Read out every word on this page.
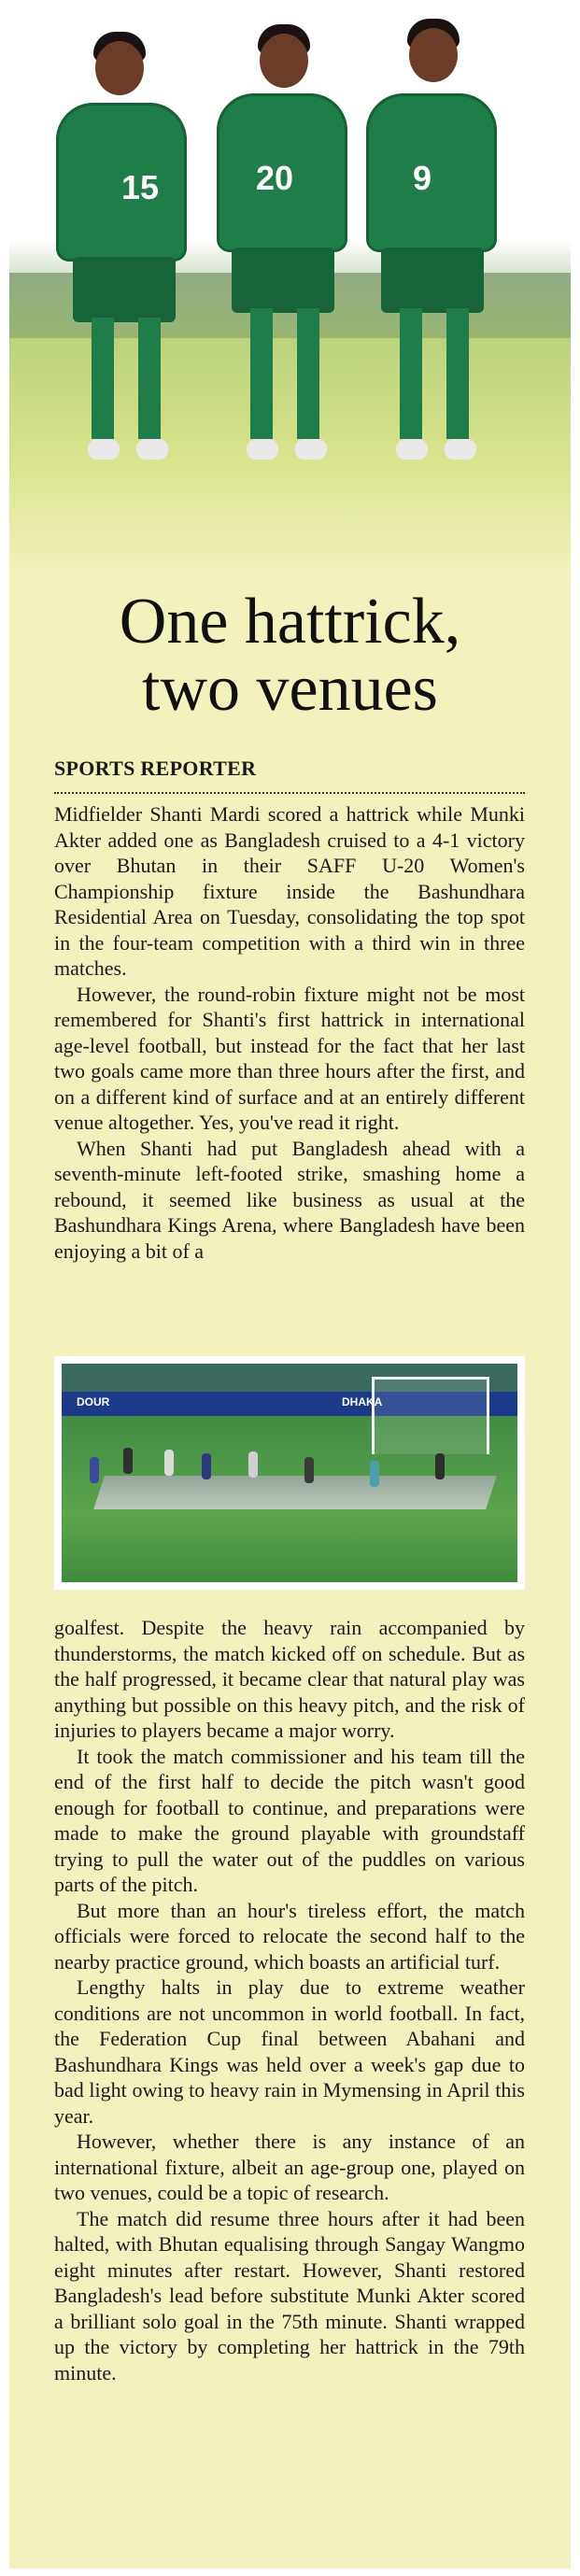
15	20	9
One hattrick,
two venues
SPORTS REPORTER

Midfielder Shanti Mardi scored a hattrick while Munki Akter added one as Bangladesh cruised to a 4-1 victory over Bhutan in their SAFF U-20 Women's Championship fixture inside the Bashundhara Residential Area on Tuesday, consolidating the top spot in the four-team competition with a third win in three matches.

However, the round-robin fixture might not be most remembered for Shanti's first hattrick in international age-level football, but instead for the fact that her last two goals came more than three hours after the first, and on a different kind of surface and at an entirely different venue altogether. Yes, you've read it right.

When Shanti had put Bangladesh ahead with a seventh-minute left-footed strike, smashing home a rebound, it seemed like business as usual at the Bashundhara Kings Arena, where Bangladesh have been enjoying a bit of a

DOUR	DHAKA

goalfest. Despite the heavy rain accompanied by thunderstorms, the match kicked off on schedule. But as the half progressed, it became clear that natural play was anything but possible on this heavy pitch, and the risk of injuries to players became a major worry.

It took the match commissioner and his team till the end of the first half to decide the pitch wasn't good enough for football to continue, and preparations were made to make the ground playable with groundstaff trying to pull the water out of the puddles on various parts of the pitch.

But more than an hour's tireless effort, the match officials were forced to relocate the second half to the nearby practice ground, which boasts an artificial turf.

Lengthy halts in play due to extreme weather conditions are not uncommon in world football. In fact, the Federation Cup final between Abahani and Bashundhara Kings was held over a week's gap due to bad light owing to heavy rain in Mymensing in April this year.

However, whether there is any instance of an international fixture, albeit an age-group one, played on two venues, could be a topic of research.

The match did resume three hours after it had been halted, with Bhutan equalising through Sangay Wangmo eight minutes after restart. However, Shanti restored Bangladesh's lead before substitute Munki Akter scored a brilliant solo goal in the 75th minute. Shanti wrapped up the victory by completing her hattrick in the 79th minute.
